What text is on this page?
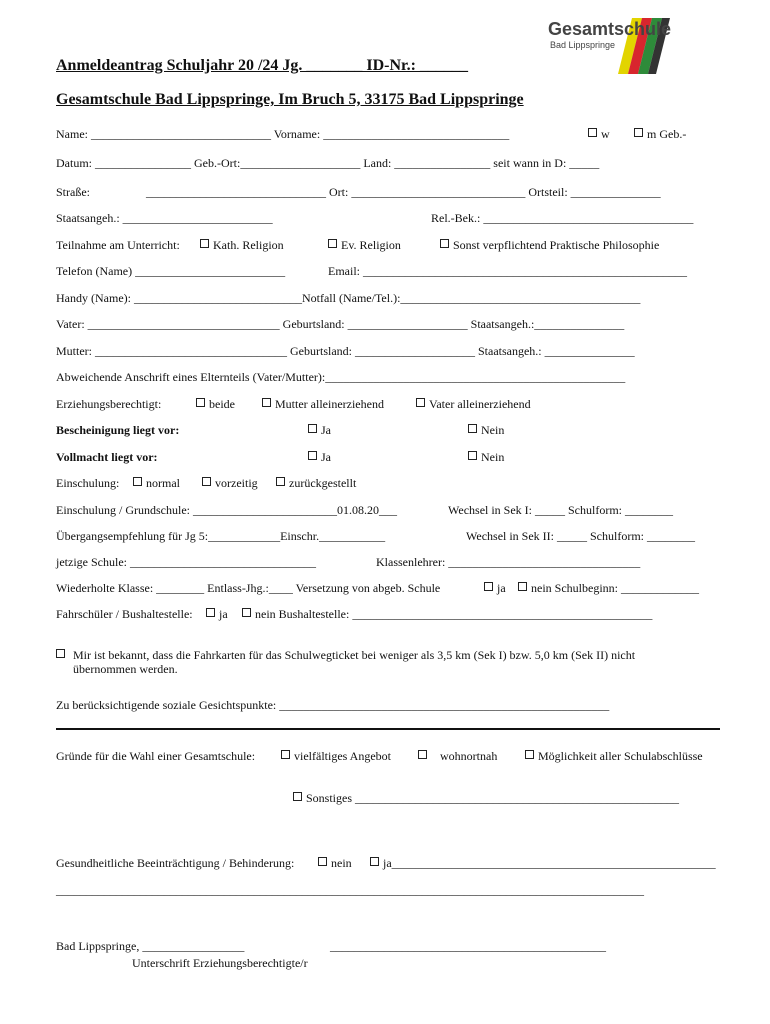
Gesamtschule
Bad Lippspringe
Anmeldeantrag Schuljahr 20 /24 Jg. _______ ID-Nr.: ______
Gesamtschule Bad Lippspringe, Im Bruch 5, 33175 Bad Lippspringe
Name: ______________________________ Vorname: _______________________________	w	m Geb.-
Datum: ________________ Geb.-Ort:____________________ Land: ________________ seit wann in D: _____
Straße:	______________________________ Ort: _____________________________ Ortsteil: _______________
Staatsangeh.: _________________________	Rel.-Bek.: ___________________________________
Teilnahme am Unterricht:	Kath. Religion	Ev. Religion	Sonst verpflichtend Praktische Philosophie
Telefon (Name) _________________________	Email: ______________________________________________________
Handy (Name): ____________________________Notfall (Name/Tel.):________________________________________
Vater: ________________________________ Geburtsland: ____________________ Staatsangeh.:_______________
Mutter: ________________________________ Geburtsland: ____________________ Staatsangeh.: _______________
Abweichende Anschrift eines Elternteils (Vater/Mutter):__________________________________________________
Erziehungsberechtigt:	beide	Mutter alleinerziehend	Vater alleinerziehend
Bescheinigung liegt vor:	Ja	Nein
Vollmacht liegt vor:	Ja	Nein
Einschulung:	normal	vorzeitig	zurückgestellt
Einschulung / Grundschule: ________________________01.08.20___	Wechsel in Sek I: _____ Schulform: ________
Übergangsempfehlung für Jg 5:____________Einschr.___________	Wechsel in Sek II: _____ Schulform: ________
jetzige Schule: _______________________________	Klassenlehrer: ________________________________
Wiederholte Klasse: ________ Entlass-Jhg.:____ Versetzung von abgeb. Schule	ja	nein Schulbeginn: _____________
Fahrschüler / Bushaltestelle:	ja	nein Bushaltestelle: __________________________________________________
Mir ist bekannt, dass die Fahrkarten für das Schulwegticket bei weniger als 3,5 km (Sek I) bzw. 5,0 km (Sek II) nicht
übernommen werden.
Zu berücksichtigende soziale Gesichtspunkte: _______________________________________________________
Gründe für die Wahl einer Gesamtschule:	vielfältiges Angebot	wohnortnah	Möglichkeit aller Schulabschlüsse
Sonstiges ______________________________________________________
Gesundheitliche Beeinträchtigung / Behinderung:	nein	ja______________________________________________________
__________________________________________________________________________________________________
Bad Lippspringe, _________________	______________________________________________
Unterschrift Erziehungsberechtigte/r
